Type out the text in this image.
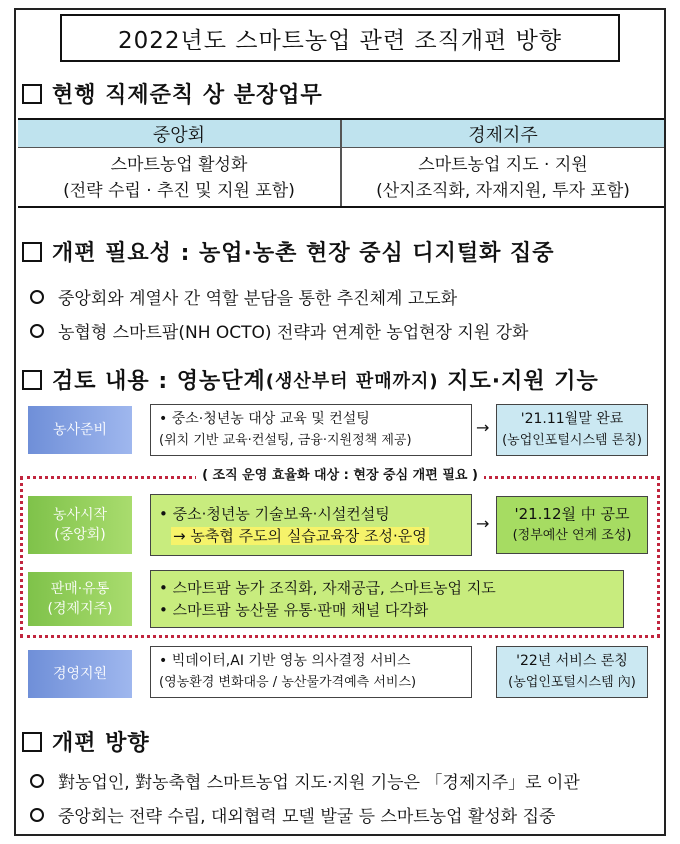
2022년도 스마트농업 관련 조직개편 방향
현행 직제준칙 상 분장업무
중앙회	경제지주
스마트농업 활성화
(전략 수립 · 추진 및 지원 포함)
스마트농업 지도 · 지원
(산지조직화, 자재지원, 투자 포함)
개편 필요성 : 농업·농촌 현장 중심 디지털화 집중
중앙회와 계열사 간 역할 분담을 통한 추진체계 고도화
농협형 스마트팜(NH OCTO) 전략과 연계한 농업현장 지원 강화
검토 내용 : 영농단계 (생산부터 판매까지) 지도·지원 기능
농사준비
• 중소·청년농 대상 교육 및 컨설팅
(위치 기반 교육·컨설팅, 금융·지원정책 제공)
→ '21.11월말 완료
(농업인포털시스템 론칭)
( 조직 운영 효율화 대상 : 현장 중심 개편 필요 )
농사시작
(중앙회)
• 중소·청년농 기술보육·시설컨설팅
→ 농축협 주도의 실습교육장 조성·운영
→ '21.12월 中 공모
(정부예산 연계 조성)
판매·유통
(경제지주)
• 스마트팜 농가 조직화, 자재공급, 스마트농업 지도
• 스마트팜 농산물 유통·판매 채널 다각화
경영지원
• 빅데이터,AI 기반 영농 의사결정 서비스
(영농환경 변화대응 / 농산물가격예측 서비스)
'22년 서비스 론칭
(농업인포털시스템 內)
개편 방향
對농업인, 對농축협 스마트농업 지도·지원 기능은 「경제지주」로 이관
중앙회는 전략 수립, 대외협력 모델 발굴 등 스마트농업 활성화 집중
